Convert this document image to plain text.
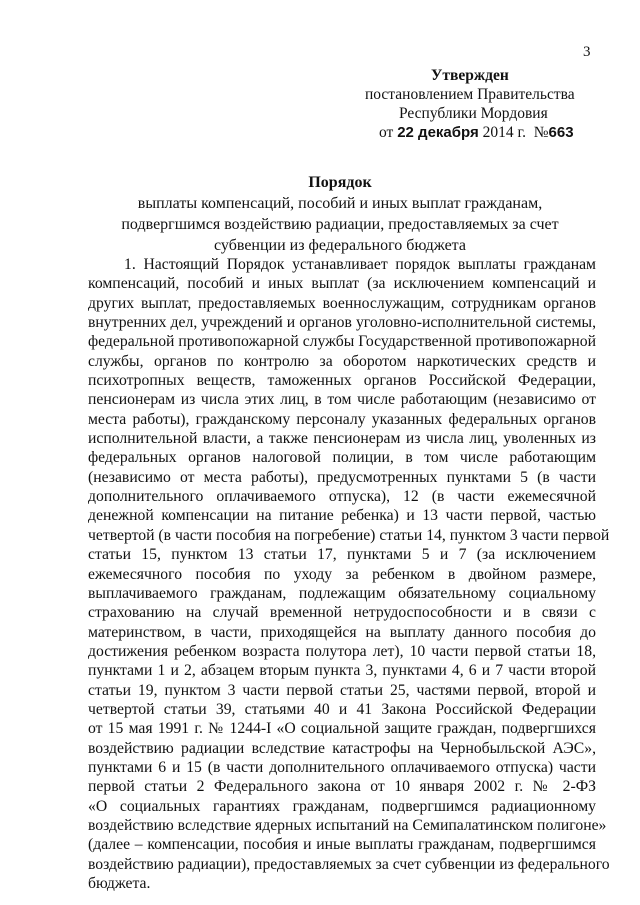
3
Утвержден
постановлением Правительства
Республики Мордовия
от 22 декабря 2014 г. №663
Порядок
выплаты компенсаций, пособий и иных выплат гражданам,
подвергшимся воздействию радиации, предоставляемых за счет
субвенции из федерального бюджета
1. Настоящий Порядок устанавливает порядок выплаты гражданам
компенсаций, пособий и иных выплат (за исключением компенсаций и
других выплат, предоставляемых военнослужащим, сотрудникам органов
внутренних дел, учреждений и органов уголовно-исполнительной системы,
федеральной противопожарной службы Государственной противопожарной
службы, органов по контролю за оборотом наркотических средств и
психотропных веществ, таможенных органов Российской Федерации,
пенсионерам из числа этих лиц, в том числе работающим (независимо от
места работы), гражданскому персоналу указанных федеральных органов
исполнительной власти, а также пенсионерам из числа лиц, уволенных из
федеральных органов налоговой полиции, в том числе работающим
(независимо от места работы), предусмотренных пунктами 5 (в части
дополнительного оплачиваемого отпуска), 12 (в части ежемесячной
денежной компенсации на питание ребенка) и 13 части первой, частью
четвертой (в части пособия на погребение) статьи 14, пунктом 3 части первой
статьи 15, пунктом 13 статьи 17, пунктами 5 и 7 (за исключением
ежемесячного пособия по уходу за ребенком в двойном размере,
выплачиваемого гражданам, подлежащим обязательному социальному
страхованию на случай временной нетрудоспособности и в связи с
материнством, в части, приходящейся на выплату данного пособия до
достижения ребенком возраста полутора лет), 10 части первой статьи 18,
пунктами 1 и 2, абзацем вторым пункта 3, пунктами 4, 6 и 7 части второй
статьи 19, пунктом 3 части первой статьи 25, частями первой, второй и
четвертой статьи 39, статьями 40 и 41 Закона Российской Федерации
от 15 мая 1991 г. № 1244-I «О социальной защите граждан, подвергшихся
воздействию радиации вследствие катастрофы на Чернобыльской АЭС»,
пунктами 6 и 15 (в части дополнительного оплачиваемого отпуска) части
первой статьи 2 Федерального закона от 10 января 2002 г. № 2-ФЗ
«О социальных гарантиях гражданам, подвергшимся радиационному
воздействию вследствие ядерных испытаний на Семипалатинском полигоне»
(далее – компенсации, пособия и иные выплаты гражданам, подвергшимся
воздействию радиации), предоставляемых за счет субвенции из федерального
бюджета.
